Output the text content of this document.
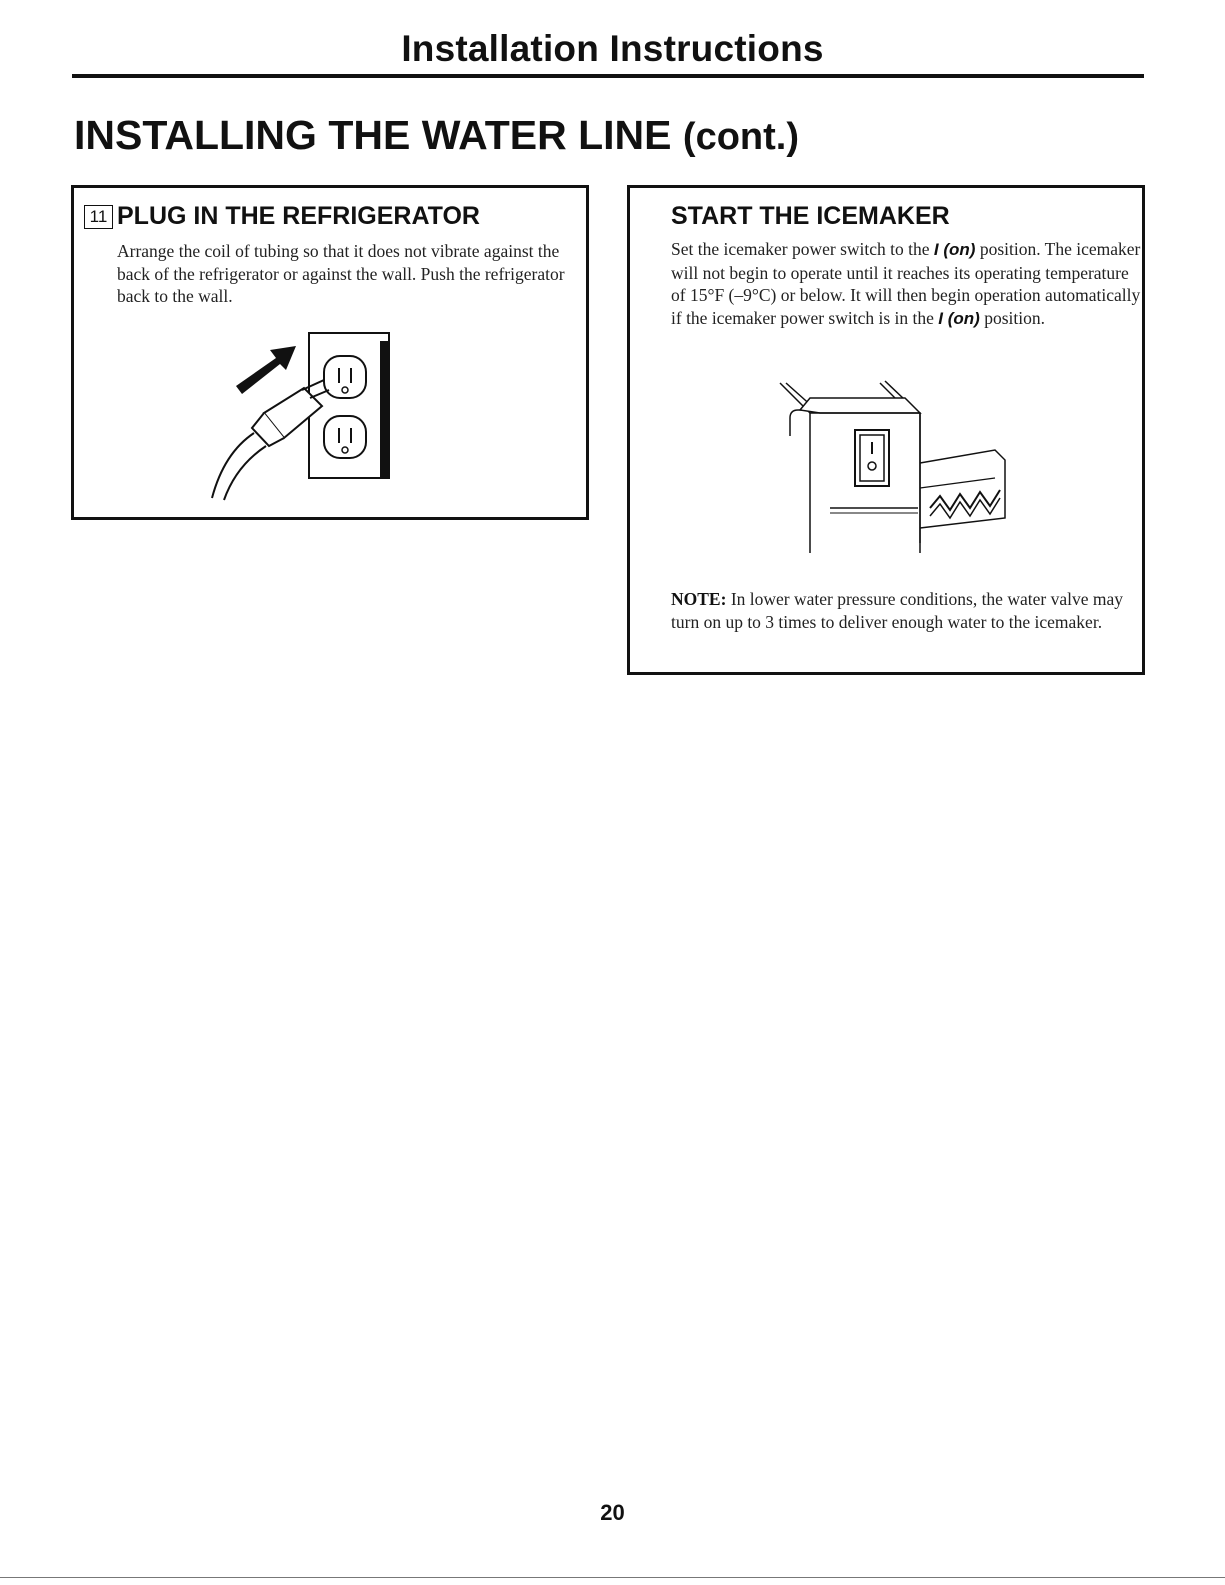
Installation Instructions
INSTALLING THE WATER LINE (cont.)
11 PLUG IN THE REFRIGERATOR
Arrange the coil of tubing so that it does not vibrate against the back of the refrigerator or against the wall. Push the refrigerator back to the wall.
START THE ICEMAKER
Set the icemaker power switch to the I (on) position. The icemaker will not begin to operate until it reaches its operating temperature of 15°F (–9°C) or below. It will then begin operation automatically if the icemaker power switch is in the I (on) position.
NOTE: In lower water pressure conditions, the water valve may turn on up to 3 times to deliver enough water to the icemaker.
20
